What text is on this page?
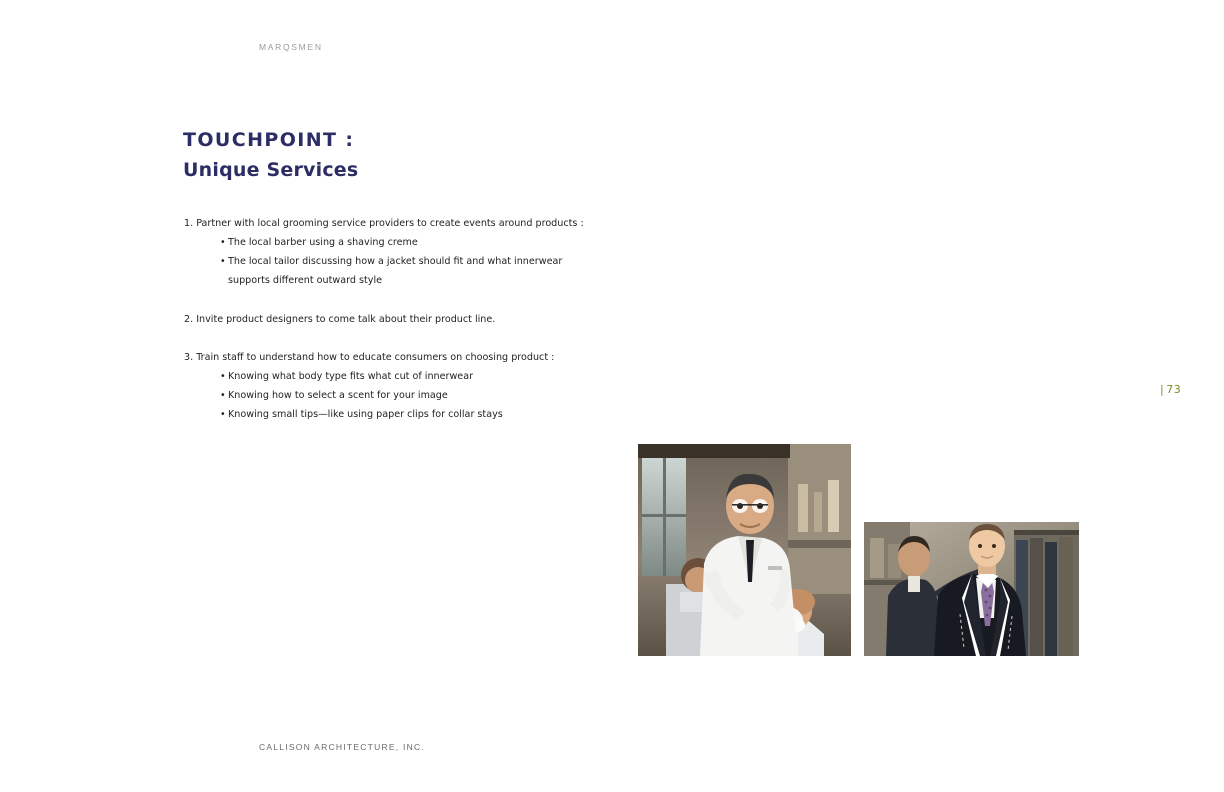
MARQSMEN
TOUCHPOINT :
Unique Services

1. Partner with local grooming service providers to create events around products :

• The local barber using a shaving creme
• The local tailor discussing how a jacket should fit and what innerwear
supports different outward style

2. Invite product designers to come talk about their product line.

3. Train staff to understand how to educate consumers on choosing product :

• Knowing what body type fits what cut of innerwear
• Knowing how to select a scent for your image
• Knowing small tips—like using paper clips for collar stays
| 73
CALLISON ARCHITECTURE, INC.
